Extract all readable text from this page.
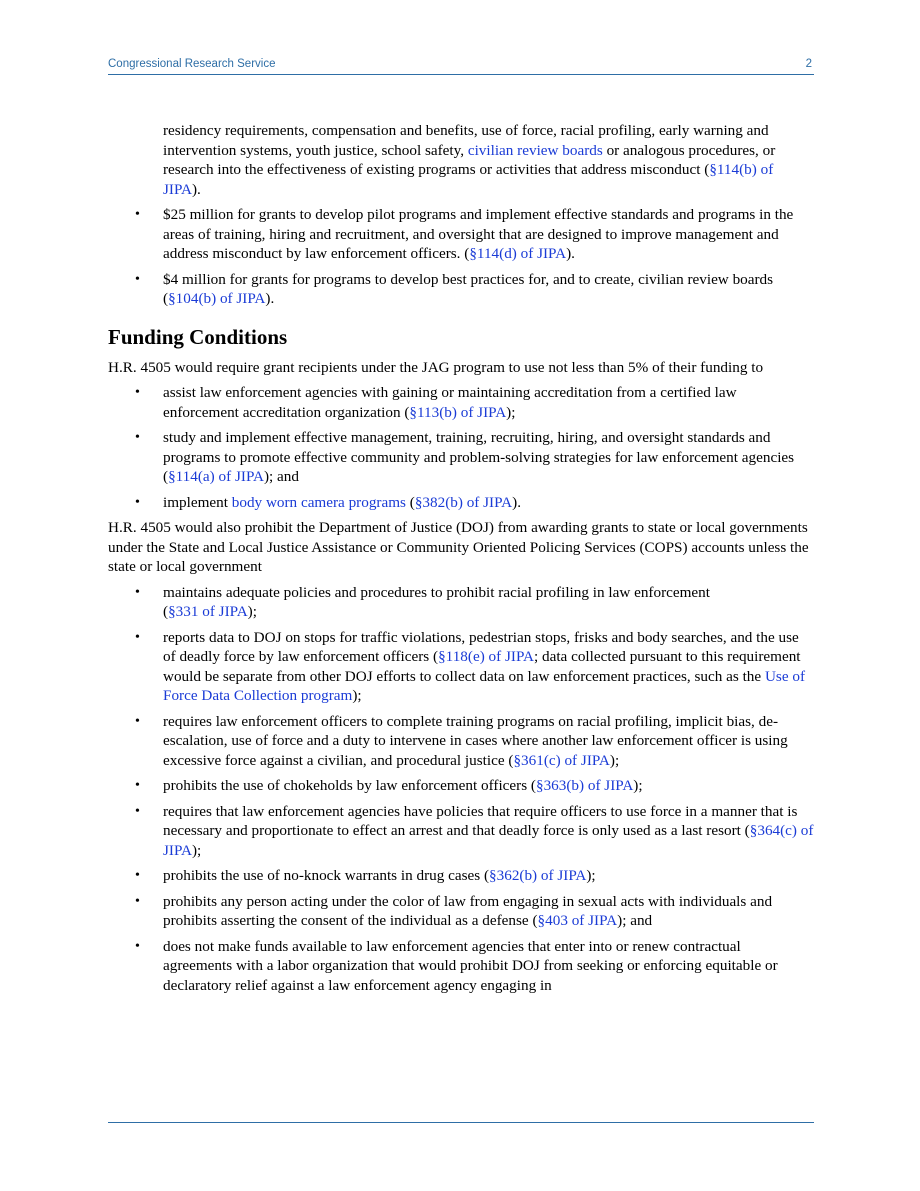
Congressional Research Service	2
residency requirements, compensation and benefits, use of force, racial profiling, early warning and intervention systems, youth justice, school safety, civilian review boards or analogous procedures, or research into the effectiveness of existing programs or activities that address misconduct (§114(b) of JIPA).
• $25 million for grants to develop pilot programs and implement effective standards and programs in the areas of training, hiring and recruitment, and oversight that are designed to improve management and address misconduct by law enforcement officers. (§114(d) of JIPA).
• $4 million for grants for programs to develop best practices for, and to create, civilian review boards (§104(b) of JIPA).
Funding Conditions

H.R. 4505 would require grant recipients under the JAG program to use not less than 5% of their funding to

• assist law enforcement agencies with gaining or maintaining accreditation from a certified law enforcement accreditation organization (§113(b) of JIPA);
• study and implement effective management, training, recruiting, hiring, and oversight standards and programs to promote effective community and problem-solving strategies for law enforcement agencies (§114(a) of JIPA); and
• implement body worn camera programs (§382(b) of JIPA).

H.R. 4505 would also prohibit the Department of Justice (DOJ) from awarding grants to state or local governments under the State and Local Justice Assistance or Community Oriented Policing Services (COPS) accounts unless the state or local government

• maintains adequate policies and procedures to prohibit racial profiling in law enforcement (§331 of JIPA);
• reports data to DOJ on stops for traffic violations, pedestrian stops, frisks and body searches, and the use of deadly force by law enforcement officers (§118(e) of JIPA; data collected pursuant to this requirement would be separate from other DOJ efforts to collect data on law enforcement practices, such as the Use of Force Data Collection program);
• requires law enforcement officers to complete training programs on racial profiling, implicit bias, de-escalation, use of force and a duty to intervene in cases where another law enforcement officer is using excessive force against a civilian, and procedural justice (§361(c) of JIPA);
• prohibits the use of chokeholds by law enforcement officers (§363(b) of JIPA);
• requires that law enforcement agencies have policies that require officers to use force in a manner that is necessary and proportionate to effect an arrest and that deadly force is only used as a last resort (§364(c) of JIPA);
• prohibits the use of no-knock warrants in drug cases (§362(b) of JIPA);
• prohibits any person acting under the color of law from engaging in sexual acts with individuals and prohibits asserting the consent of the individual as a defense (§403 of JIPA); and
• does not make funds available to law enforcement agencies that enter into or renew contractual agreements with a labor organization that would prohibit DOJ from seeking or enforcing equitable or declaratory relief against a law enforcement agency engaging in
